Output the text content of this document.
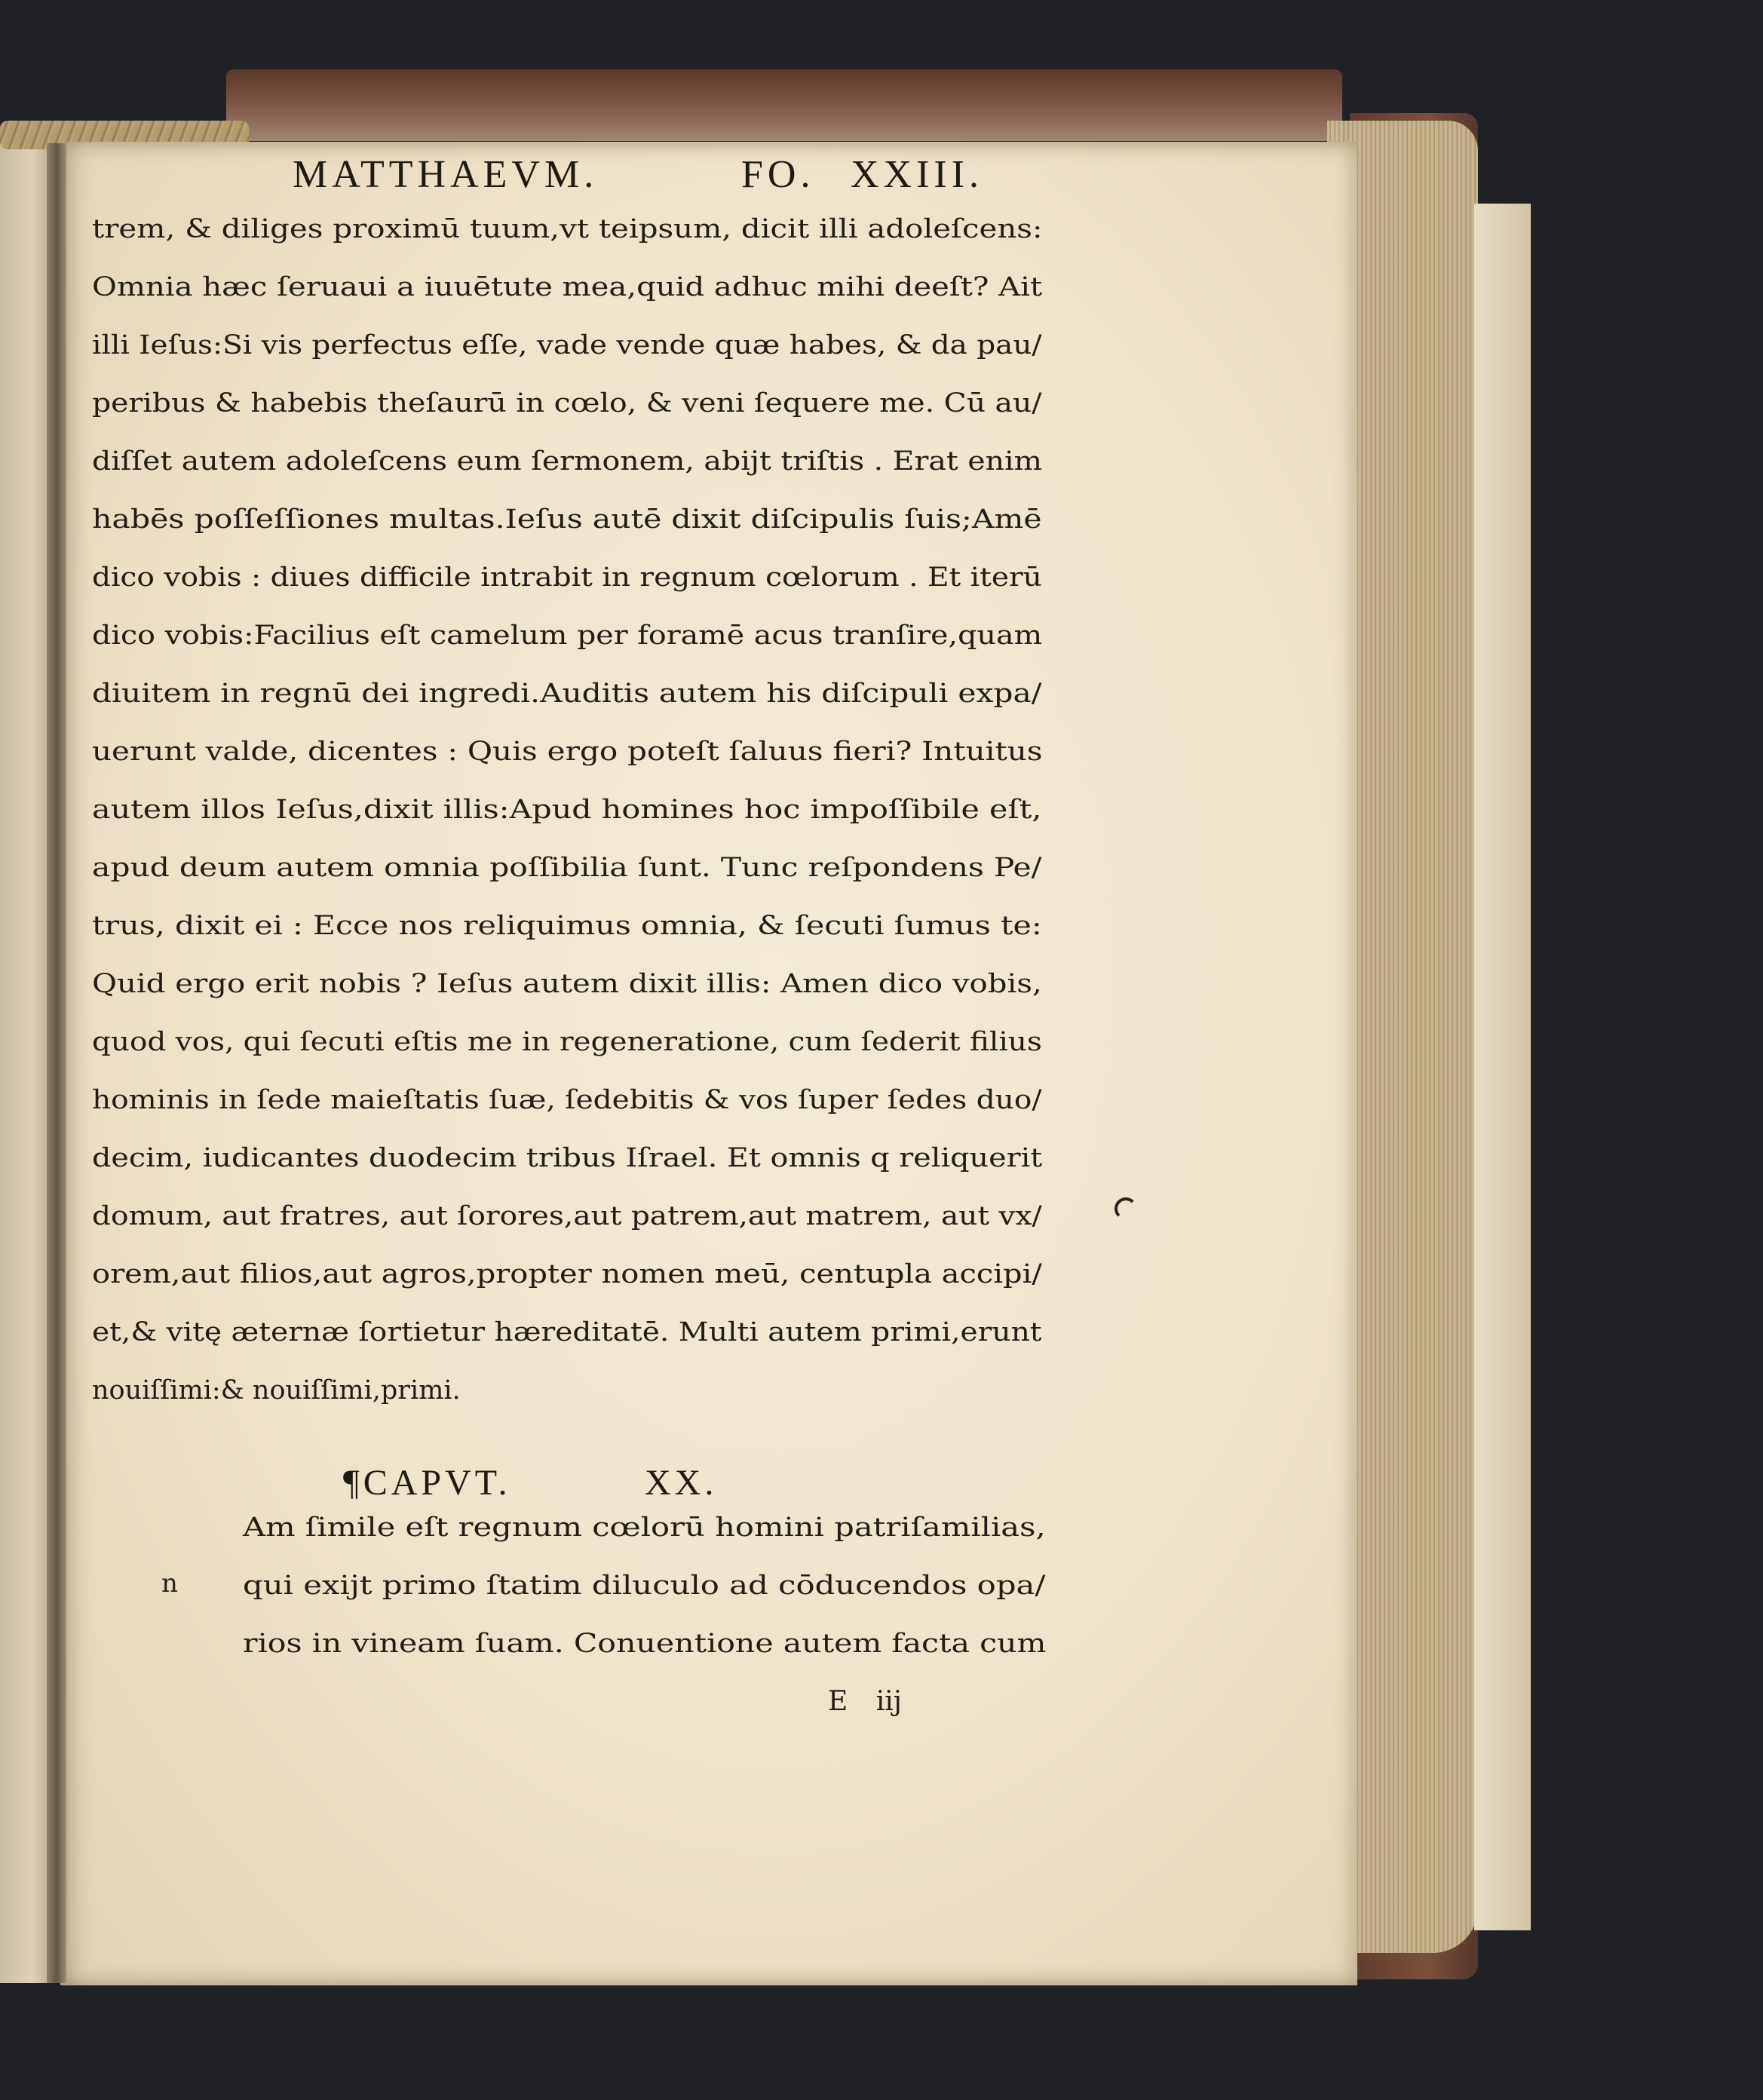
MATTHAEVM.	FO. XXIII.
trem, & diliges proximū tuum,vt teipsum, dicit illi adoleſcens:
Omnia hæc ſeruaui a iuuētute mea,quid adhuc mihi deeſt? Ait
illi Ieſus:Si vis perfectus eſſe, vade vende quæ habes, & da pau/
peribus & habebis theſaurū in cœlo, & veni ſequere me. Cū au/
diſſet autem adoleſcens eum ſermonem, abijt triſtis . Erat enim
habēs poſſeſſiones multas.Ieſus autē dixit diſcipulis ſuis;Amē
dico vobis : diues difficile intrabit in regnum cœlorum . Et iterū
dico vobis:Facilius eſt camelum per foramē acus tranſire,quam
diuitem in regnū dei ingredi.Auditis autem his diſcipuli expa/
uerunt valde, dicentes : Quis ergo poteſt ſaluus fieri? Intuitus
autem illos Ieſus,dixit illis:Apud homines hoc impoſſibile eſt,
apud deum autem omnia poſſibilia ſunt. Tunc reſpondens Pe/
trus, dixit ei : Ecce nos reliquimus omnia, & ſecuti ſumus te:
Quid ergo erit nobis ? Ieſus autem dixit illis: Amen dico vobis,
quod vos, qui ſecuti eſtis me in regeneratione, cum ſederit filius
hominis in ſede maieſtatis ſuæ, ſedebitis & vos ſuper ſedes duo/
decim, iudicantes duodecim tribus Iſrael. Et omnis q reliquerit
domum, aut fratres, aut ſorores,aut patrem,aut matrem, aut vx/
orem,aut filios,aut agros,propter nomen meū, centupla accipi/
et,& vitę æternæ ſortietur hæreditatē. Multi autem primi,erunt
nouiſſimi:& nouiſſimi,primi.
¶CAPVT.	XX.
Am ſimile eſt regnum cœlorū homini patriſamilias,
qui exijt primo ſtatim diluculo ad cōducendos opa/
rios in vineam ſuam. Conuentione autem facta cum
n
E iij
